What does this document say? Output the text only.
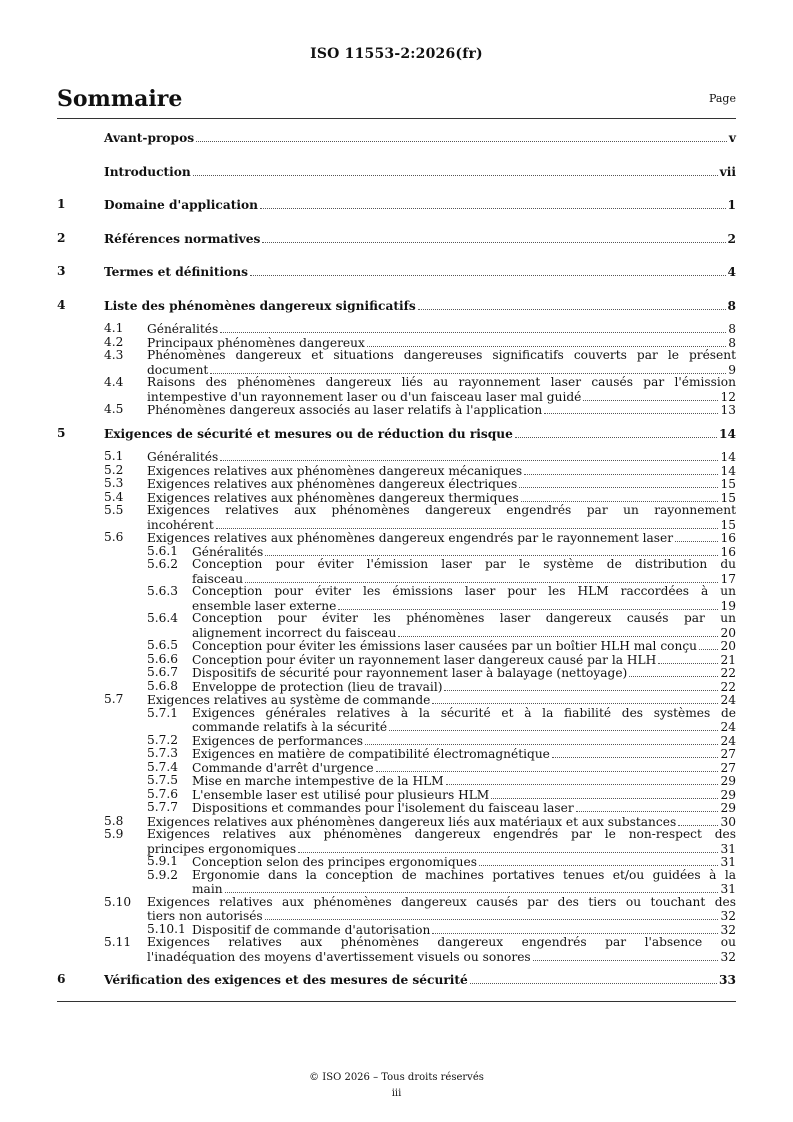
ISO 11553-2:2026(fr)
Sommaire	Page
Avant-propos	v
Introduction	vii
1	Domaine d'application	1
2	Références normatives	2
3	Termes et définitions	4
4	Liste des phénomènes dangereux significatifs	8
4.1 Généralités	8
4.2 Principaux phénomènes dangereux	8
4.3 Phénomènes dangereux et situations dangereuses significatifs couverts par le présent
document	9
4.4 Raisons des phénomènes dangereux liés au rayonnement laser causés par l'émission
intempestive d'un rayonnement laser ou d'un faisceau laser mal guidé	12
4.5 Phénomènes dangereux associés au laser relatifs à l'application	13
5	Exigences de sécurité et mesures ou de réduction du risque	14
5.1 Généralités	14
5.2 Exigences relatives aux phénomènes dangereux mécaniques	14
5.3 Exigences relatives aux phénomènes dangereux électriques	15
5.4 Exigences relatives aux phénomènes dangereux thermiques	15
5.5 Exigences relatives aux phénomènes dangereux engendrés par un rayonnement
incohérent	15
5.6 Exigences relatives aux phénomènes dangereux engendrés par le rayonnement laser	16
5.6.1 Généralités	16
5.6.2 Conception pour éviter l'émission laser par le système de distribution du
faisceau	17
5.6.3 Conception pour éviter les émissions laser pour les HLM raccordées à un
ensemble laser externe	19
5.6.4 Conception pour éviter les phénomènes laser dangereux causés par un
alignement incorrect du faisceau	20
5.6.5 Conception pour éviter les émissions laser causées par un boîtier HLH mal conçu 20
5.6.6 Conception pour éviter un rayonnement laser dangereux causé par la HLH	21
5.6.7 Dispositifs de sécurité pour rayonnement laser à balayage (nettoyage)	22
5.6.8 Enveloppe de protection (lieu de travail)	22
5.7 Exigences relatives au système de commande	24
5.7.1 Exigences générales relatives à la sécurité et à la fiabilité des systèmes de
commande relatifs à la sécurité	24
5.7.2 Exigences de performances	24
5.7.3 Exigences en matière de compatibilité électromagnétique	27
5.7.4 Commande d'arrêt d'urgence	27
5.7.5 Mise en marche intempestive de la HLM	29
5.7.6 L'ensemble laser est utilisé pour plusieurs HLM	29
5.7.7 Dispositions et commandes pour l'isolement du faisceau laser	29
5.8 Exigences relatives aux phénomènes dangereux liés aux matériaux et aux substances	30
5.9 Exigences relatives aux phénomènes dangereux engendrés par le non-respect des
principes ergonomiques	31
5.9.1 Conception selon des principes ergonomiques	31
5.9.2 Ergonomie dans la conception de machines portatives tenues et/ou guidées à la
main	31
5.10 Exigences relatives aux phénomènes dangereux causés par des tiers ou touchant des
tiers non autorisés	32
5.10.1 Dispositif de commande d'autorisation	32
5.11 Exigences relatives aux phénomènes dangereux engendrés par l'absence ou
l'inadéquation des moyens d'avertissement visuels ou sonores	32
6	Vérification des exigences et des mesures de sécurité	33
© ISO 2026 – Tous droits réservés
iii
